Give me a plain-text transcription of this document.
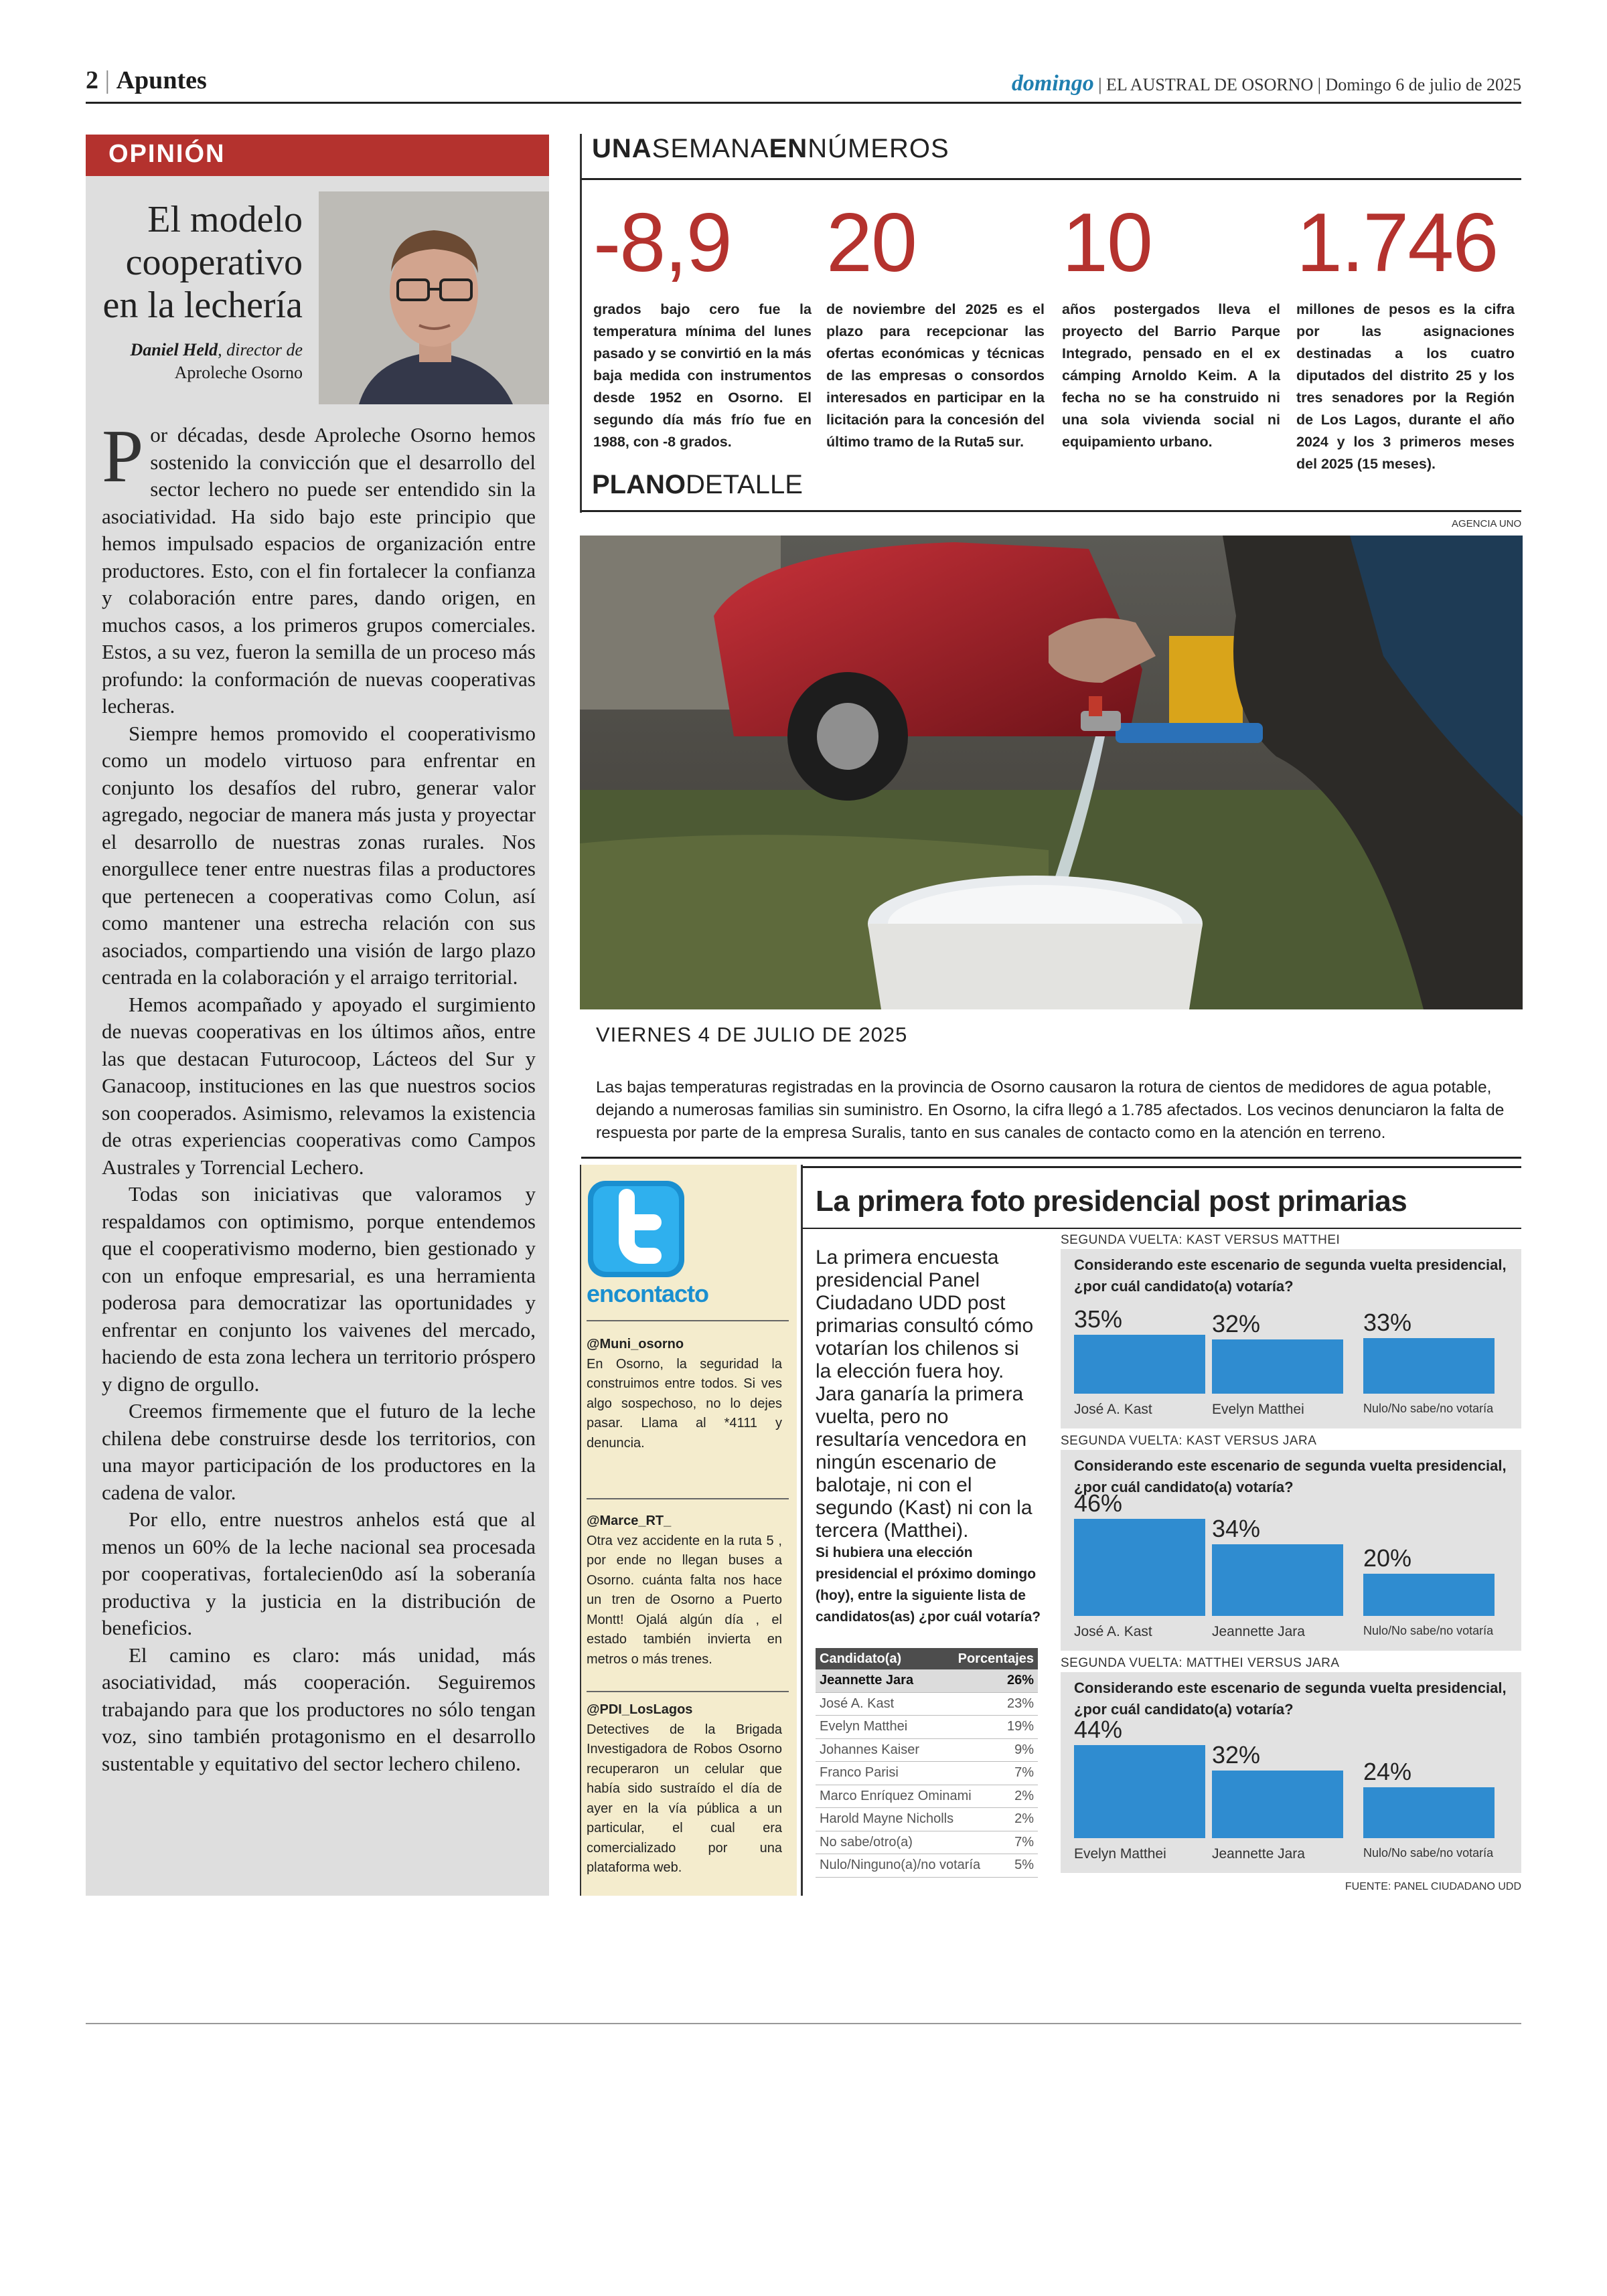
2 | Apuntes	domingo | EL AUSTRAL DE OSORNO | Domingo 6 de julio de 2025
OPINIÓN
El modelo
cooperativo
en la lechería
Daniel Held, director de
Aproleche Osorno

Por décadas, desde Aproleche Osorno hemos sostenido la convicción que el desarrollo del sector lechero no puede ser entendido sin la asociatividad. Ha sido bajo este principio que hemos impulsado espacios de organización entre productores. Esto, con el fin fortalecer la confianza y colaboración entre pares, dando origen, en muchos casos, a los primeros grupos comerciales. Estos, a su vez, fueron la semilla de un proceso más profundo: la conformación de nuevas cooperativas lecheras.

Siempre hemos promovido el cooperativismo como un modelo virtuoso para enfrentar en conjunto los desafíos del rubro, generar valor agregado, negociar de manera más justa y proyectar el desarrollo de nuestras zonas rurales. Nos enorgullece tener entre nuestras filas a productores que pertenecen a cooperativas como Colun, así como mantener una estrecha relación con sus asociados, compartiendo una visión de largo plazo centrada en la colaboración y el arraigo territorial.

Hemos acompañado y apoyado el surgimiento de nuevas cooperativas en los últimos años, entre las que destacan Futurocoop, Lácteos del Sur y Ganacoop, instituciones en las que nuestros socios son cooperados. Asimismo, relevamos la existencia de otras experiencias cooperativas como Campos Australes y Torrencial Lechero.

Todas son iniciativas que valoramos y respaldamos con optimismo, porque entendemos que el cooperativismo moderno, bien gestionado y con un enfoque empresarial, es una herramienta poderosa para democratizar las oportunidades y enfrentar en conjunto los vaivenes del mercado, haciendo de esta zona lechera un territorio próspero y digno de orgullo.

Creemos firmemente que el futuro de la leche chilena debe construirse desde los territorios, con una mayor participación de los productores en la cadena de valor.

Por ello, entre nuestros anhelos está que al menos un 60% de la leche nacional sea procesada por cooperativas, fortalecien0do así la soberanía productiva y la justicia en la distribución de beneficios.

El camino es claro: más unidad, más asociatividad, más cooperación. Seguiremos trabajando para que los productores no sólo tengan voz, sino también protagonismo en el desarrollo sustentable y equitativo del sector lechero chileno.

UNASEMANAENNÚMEROS
-8,9
grados bajo cero fue la temperatura mínima del lunes pasado y se convirtió en la más baja medida con instrumentos desde 1952 en Osorno. El segundo día más frío fue en 1988, con -8 grados.
20
de noviembre del 2025 es el plazo para recepcionar las ofertas económicas y técnicas de las empresas o consordos interesados en participar en la licitación para la concesión del último tramo de la Ruta5 sur.
10
años postergados lleva el proyecto del Barrio Parque Integrado, pensado en el ex cámping Arnoldo Keim. A la fecha no se ha construido ni una sola vivienda social ni equipamiento urbano.
1.746
millones de pesos es la cifra por las asignaciones destinadas a los cuatro diputados del distrito 25 y los tres senadores por la Región de Los Lagos, durante el año 2024 y los 3 primeros meses del 2025 (15 meses).
PLANODETALLE
AGENCIA UNO
VIERNES 4 DE JULIO DE 2025
Las bajas temperaturas registradas en la provincia de Osorno causaron la rotura de cientos de medidores de agua potable, dejando a numerosas familias sin suministro. En Osorno, la cifra llegó a 1.785 afectados. Los vecinos denunciaron la falta de respuesta por parte de la empresa Suralis, tanto en sus canales de contacto como en la atención en terreno.
encontacto
@Muni_osorno
En Osorno, la seguridad la construimos entre todos. Si ves algo sospechoso, no lo dejes pasar. Llama al *4111 y denuncia.
@Marce_RT_
Otra vez accidente en la ruta 5 , por ende no llegan buses a Osorno. cuánta falta nos hace un tren de Osorno a Puerto Montt! Ojalá algún día , el estado también invierta en metros o más trenes.
@PDI_LosLagos
Detectives de la Brigada Investigadora de Robos Osorno recuperaron un celular que había sido sustraído el día de ayer en la vía pública a un particular, el cual era comercializado por una plataforma web.
La primera foto presidencial post primarias
La primera encuesta presidencial Panel Ciudadano UDD post primarias consultó cómo votarían los chilenos si la elección fuera hoy. Jara ganaría la primera vuelta, pero no resultaría vencedora en ningún escenario de balotaje, ni con el segundo (Kast) ni con la tercera (Matthei).
Si hubiera una elección presidencial el próximo domingo (hoy), entre la siguiente lista de candidatos(as) ¿por cuál votaría?
Candidato(a)	Porcentajes
Jeannette Jara	26%
José A. Kast	23%
Evelyn Matthei	19%
Johannes Kaiser	9%
Franco Parisi	7%
Marco Enríquez Ominami	2%
Harold Mayne Nicholls	2%
No sabe/otro(a)	7%
Nulo/Ninguno(a)/no votaría	5%
SEGUNDA VUELTA: KAST VERSUS MATTHEI
35%
José A. Kast
32%
Evelyn Matthei
33%
Nulo/No sabe/no votaría
Considerando este escenario de segunda vuelta presidencial, ¿por cuál candidato(a) votaría?
SEGUNDA VUELTA: KAST VERSUS JARA
46%
José A. Kast
34%
Jeannette Jara
20%
Nulo/No sabe/no votaría
Considerando este escenario de segunda vuelta presidencial, ¿por cuál candidato(a) votaría?
SEGUNDA VUELTA: MATTHEI VERSUS JARA
44%
Evelyn Matthei
32%
Jeannette Jara
24%
Nulo/No sabe/no votaría
Considerando este escenario de segunda vuelta presidencial, ¿por cuál candidato(a) votaría?
FUENTE: PANEL CIUDADANO UDD
